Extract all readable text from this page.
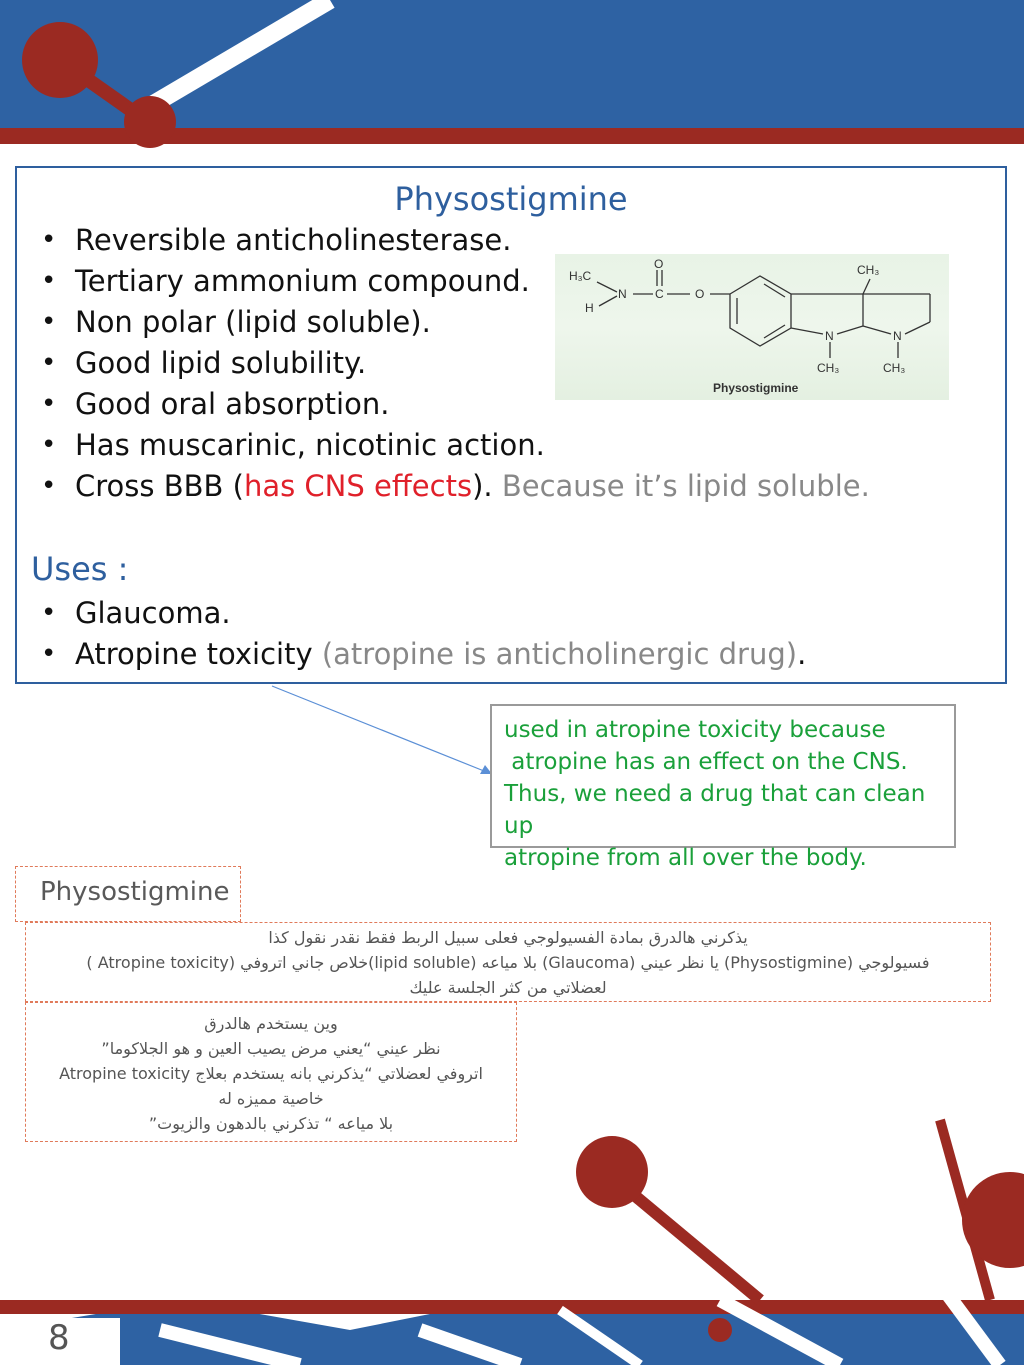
Physostigmine
• Reversible anticholinesterase.
• Tertiary ammonium compound.
• Non polar (lipid soluble).
• Good lipid solubility.
• Good oral absorption.
• Has muscarinic, nicotinic action.
• Cross BBB (has CNS effects). Because it’s lipid soluble.
Uses :
• Glaucoma.
• Atropine toxicity (atropine is anticholinergic drug).
H₃C
H
N C
O
O
CH₃
N	N
CH₃	CH₃
Physostigmine
used in atropine toxicity because
atropine has an effect on the CNS.
Thus, we need a drug that can clean up
atropine from all over the body.
Physostigmine
يذكرني هالدرق بمادة الفسيولوجي فعلى سبيل الربط فقط نقدر نقول كذا
فسيولوجي (Physostigmine) يا نظر عيني (Glaucoma) بلا مياعه (lipid soluble)خلاص جاني اتروفي (Atropine toxicity )
لعضلاتي من كثر الجلسة عليك
وين يستخدم هالدرق
نظر عيني “يعني مرض يصيب العين و هو الجلاكوما”
اتروفي لعضلاتي “يذكرني بانه يستخدم بعلاج Atropine toxicity
خاصية مميزه له
بلا مياعه “ تذكرني بالدهون والزيوت”
8
